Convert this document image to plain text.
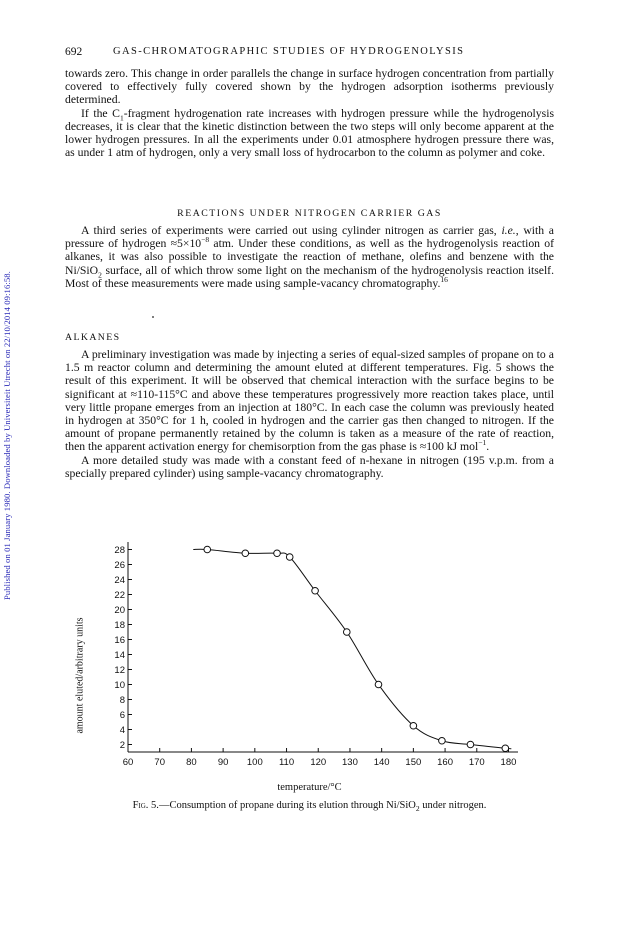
Published on 01 January 1980. Downloaded by Universiteit Utrecht on 22/10/2014 09:16:58.
692	GAS-CHROMATOGRAPHIC STUDIES OF HYDROGENOLYSIS

towards zero. This change in order parallels the change in surface hydrogen concentration from partially covered to effectively fully covered shown by the hydrogen adsorption isotherms previously determined.

If the $C_1$-fragment hydrogenation rate increases with hydrogen pressure while the hydrogenolysis decreases, it is clear that the kinetic distinction between the two steps will only become apparent at the lower hydrogen pressures. In all the experiments under 0.01 atmosphere hydrogen pressure there was, as under 1 atm of hydrogen, only a very small loss of hydrocarbon to the column as polymer and coke.

REACTIONS UNDER NITROGEN CARRIER GAS

A third series of experiments were carried out using cylinder nitrogen as carrier gas, i.e., with a pressure of hydrogen $\approx 5\times 10^{-8}$ atm. Under these conditions, as well as the hydrogenolysis reaction of alkanes, it was also possible to investigate the reaction of methane, olefins and benzene with the Ni/SiO$_2$ surface, all of which throw some light on the mechanism of the hydrogenolysis reaction itself. Most of these measurements were made using sample-vacancy chromatography.$^{16}$

ALKANES

A preliminary investigation was made by injecting a series of equal-sized samples of propane on to a 1.5 m reactor column and determining the amount eluted at different temperatures. Fig. 5 shows the result of this experiment. It will be observed that chemical interaction with the surface begins to be significant at ≈110-115°C and above these temperatures progressively more reaction takes place, until very little propane emerges from an injection at 180°C. In each case the column was previously heated in hydrogen at 350°C for 1 h, cooled in hydrogen and the carrier gas then changed to nitrogen. If the amount of propane permanently retained by the column is taken as a measure of the rate of reaction, then the apparent activation energy for chemisorption from the gas phase is ≈100 kJ mol$^{-1}$.

A more detailed study was made with a constant feed of n-hexane in nitrogen (195 v.p.m. from a specially prepared cylinder) using sample-vacancy chromatography.

2
4
6
8
10
12
14
16
18
20
22
24
26
28
60 70 80 90 100 110 120 130 140 150 160 170 180
amount eluted/arbitrary units
temperature/°C
Fig. 5.—Consumption of propane during its elution through Ni/SiO$_2$ under nitrogen.
